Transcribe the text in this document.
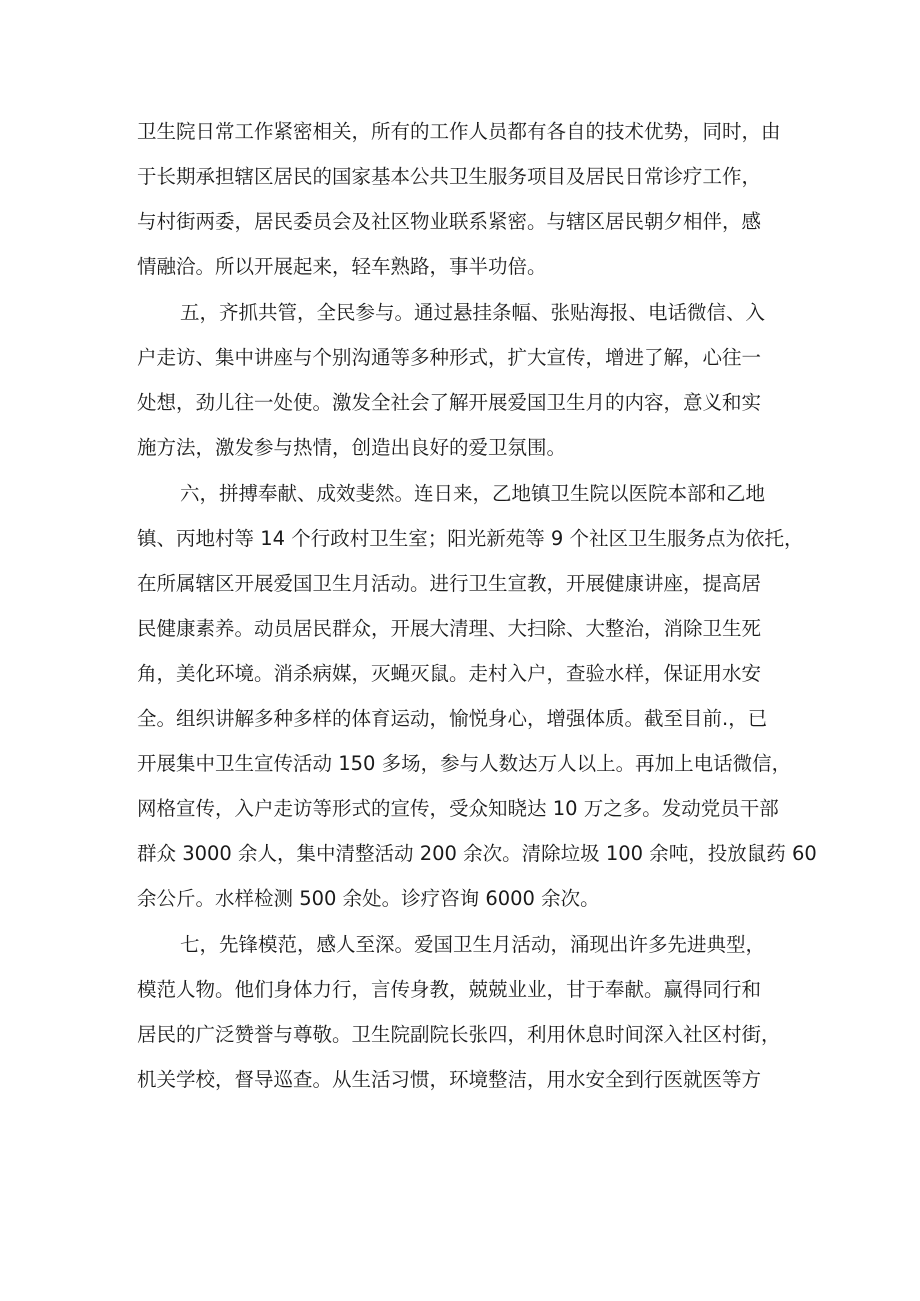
卫生院日常工作紧密相关，所有的工作人员都有各自的技术优势，同时，由

于长期承担辖区居民的国家基本公共卫生服务项目及居民日常诊疗工作，

与村街两委，居民委员会及社区物业联系紧密。与辖区居民朝夕相伴，感

情融洽。所以开展起来，轻车熟路，事半功倍。

五，齐抓共管，全民参与。通过悬挂条幅、张贴海报、电话微信、入

户走访、集中讲座与个别沟通等多种形式，扩大宣传，增进了解，心往一

处想，劲儿往一处使。激发全社会了解开展爱国卫生月的内容，意义和实

施方法，激发参与热情，创造出良好的爱卫氛围。

六，拼搏奉献、成效斐然。连日来，乙地镇卫生院以医院本部和乙地

镇、丙地村等 14 个行政村卫生室；阳光新苑等 9 个社区卫生服务点为依托，

在所属辖区开展爱国卫生月活动。进行卫生宣教，开展健康讲座，提高居

民健康素养。动员居民群众，开展大清理、大扫除、大整治，消除卫生死

角，美化环境。消杀病媒，灭蝇灭鼠。走村入户，查验水样，保证用水安

全。组织讲解多种多样的体育运动，愉悦身心，增强体质。截至目前.，已

开展集中卫生宣传活动 150 多场，参与人数达万人以上。再加上电话微信，

网格宣传，入户走访等形式的宣传，受众知晓达 10 万之多。发动党员干部

群众 3000 余人，集中清整活动 200 余次。清除垃圾 100 余吨，投放鼠药 60

余公斤。水样检测 500 余处。诊疗咨询 6000 余次。

七，先锋模范，感人至深。爱国卫生月活动，涌现出许多先进典型，

模范人物。他们身体力行，言传身教，兢兢业业，甘于奉献。赢得同行和

居民的广泛赞誉与尊敬。卫生院副院长张四，利用休息时间深入社区村街，

机关学校，督导巡查。从生活习惯，环境整洁，用水安全到行医就医等方
